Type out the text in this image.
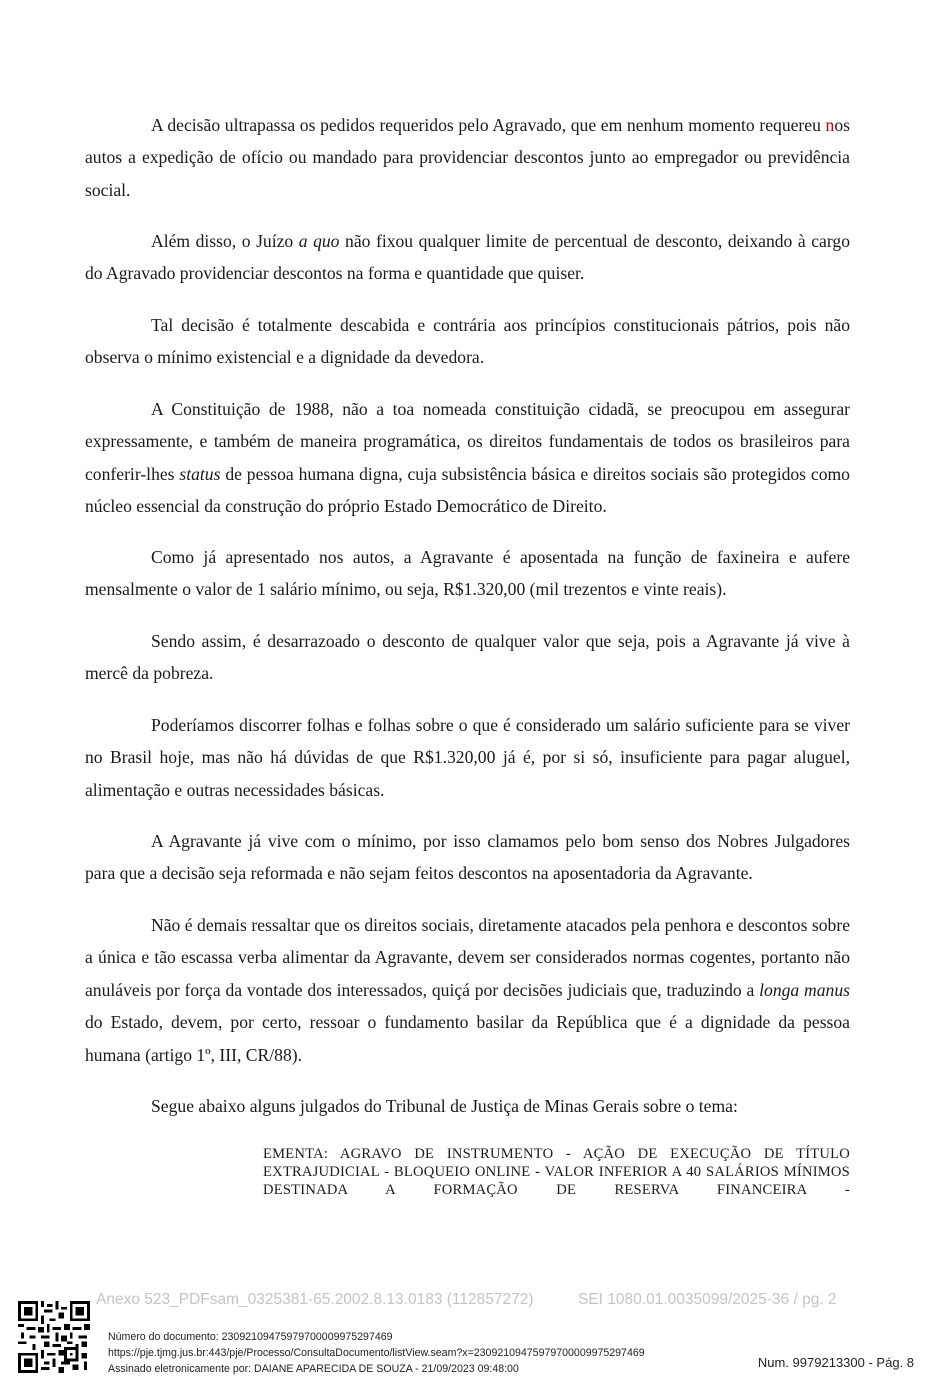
A decisão ultrapassa os pedidos requeridos pelo Agravado, que em nenhum momento requereu nos autos a expedição de ofício ou mandado para providenciar descontos junto ao empregador ou previdência social.

Além disso, o Juízo a quo não fixou qualquer limite de percentual de desconto, deixando à cargo do Agravado providenciar descontos na forma e quantidade que quiser.

Tal decisão é totalmente descabida e contrária aos princípios constitucionais pátrios, pois não observa o mínimo existencial e a dignidade da devedora.

A Constituição de 1988, não a toa nomeada constituição cidadã, se preocupou em assegurar expressamente, e também de maneira programática, os direitos fundamentais de todos os brasileiros para conferir-lhes status de pessoa humana digna, cuja subsistência básica e direitos sociais são protegidos como núcleo essencial da construção do próprio Estado Democrático de Direito.

Como já apresentado nos autos, a Agravante é aposentada na função de faxineira e aufere mensalmente o valor de 1 salário mínimo, ou seja, R$1.320,00 (mil trezentos e vinte reais).

Sendo assim, é desarrazoado o desconto de qualquer valor que seja, pois a Agravante já vive à mercê da pobreza.

Poderíamos discorrer folhas e folhas sobre o que é considerado um salário suficiente para se viver no Brasil hoje, mas não há dúvidas de que R$1.320,00 já é, por si só, insuficiente para pagar aluguel, alimentação e outras necessidades básicas.

A Agravante já vive com o mínimo, por isso clamamos pelo bom senso dos Nobres Julgadores para que a decisão seja reformada e não sejam feitos descontos na aposentadoria da Agravante.

Não é demais ressaltar que os direitos sociais, diretamente atacados pela penhora e descontos sobre a única e tão escassa verba alimentar da Agravante, devem ser considerados normas cogentes, portanto não anuláveis por força da vontade dos interessados, quiçá por decisões judiciais que, traduzindo a longa manus do Estado, devem, por certo, ressoar o fundamento basilar da República que é a dignidade da pessoa humana (artigo 1º, III, CR/88).

Segue abaixo alguns julgados do Tribunal de Justiça de Minas Gerais sobre o tema:

EMENTA: AGRAVO DE INSTRUMENTO - AÇÃO DE EXECUÇÃO DE TÍTULO EXTRAJUDICIAL - BLOQUEIO ONLINE - VALOR INFERIOR A 40 SALÁRIOS MÍNIMOS DESTINADA A FORMAÇÃO DE RESERVA FINANCEIRA -

Anexo 523_PDFsam_0325381-65.2002.8.13.0183 (112857272)	SEI 1080.01.0035099/2025-36 / pg. 2
Número do documento: 23092109475979700009975297469
https://pje.tjmg.jus.br:443/pje/Processo/ConsultaDocumento/listView.seam?x=23092109475979700009975297469
Assinado eletronicamente por: DAIANE APARECIDA DE SOUZA - 21/09/2023 09:48:00	Num. 9979213300 - Pág. 8
